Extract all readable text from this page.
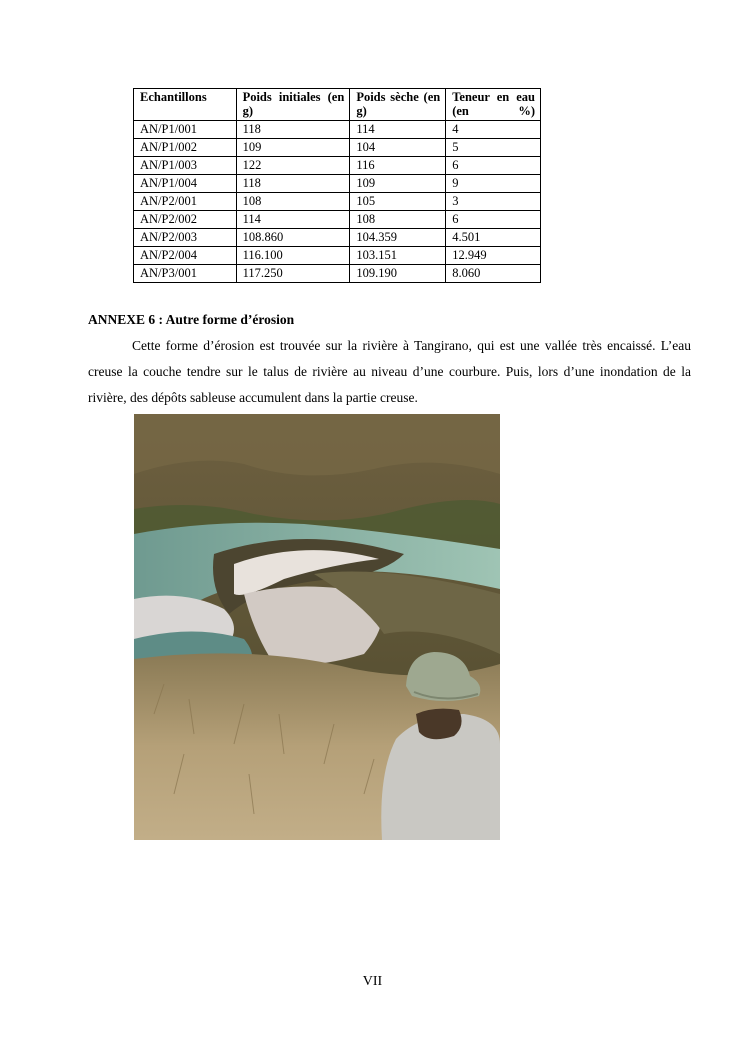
Echantillons	Poids initiales (en g)	Poids sèche (en g)	Teneur en eau (en %)
AN/P1/001	118	114	4
AN/P1/002	109	104	5
AN/P1/003	122	116	6
AN/P1/004	118	109	9
AN/P2/001	108	105	3
AN/P2/002	114	108	6
AN/P2/003	108.860	104.359	4.501
AN/P2/004	116.100	103.151	12.949
AN/P3/001	117.250	109.190	8.060
ANNEXE 6 : Autre forme d’érosion

Cette forme d’érosion est trouvée sur la rivière à Tangirano, qui est une vallée très encaissé. L’eau creuse la couche tendre sur le talus de rivière au niveau d’une courbure. Puis, lors d’une inondation de la rivière, des dépôts sableuse accumulent dans la partie creuse.

VII
